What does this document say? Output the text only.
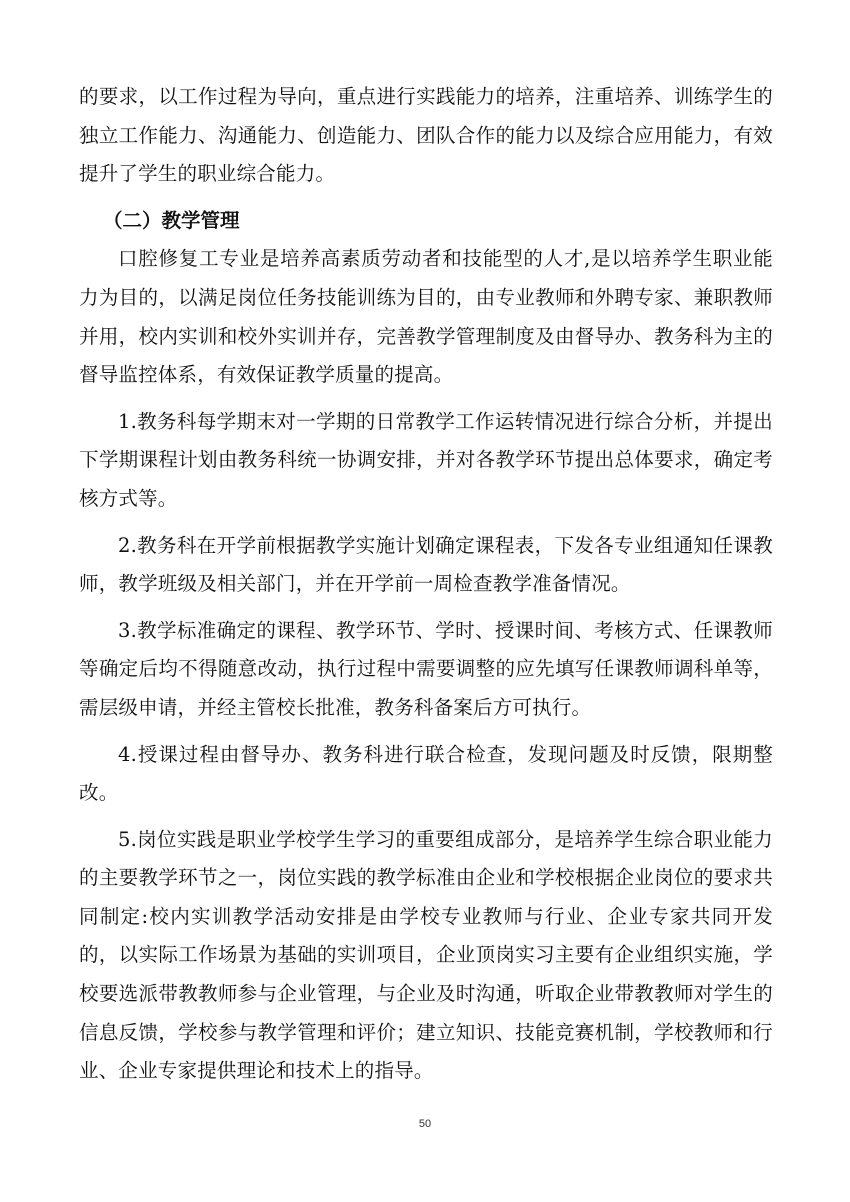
的要求，以工作过程为导向，重点进行实践能力的培养，注重培养、训练学生的独立工作能力、沟通能力、创造能力、团队合作的能力以及综合应用能力，有效提升了学生的职业综合能力。

（二）教学管理

口腔修复工专业是培养高素质劳动者和技能型的人才,是以培养学生职业能力为目的，以满足岗位任务技能训练为目的，由专业教师和外聘专家、兼职教师并用，校内实训和校外实训并存，完善教学管理制度及由督导办、教务科为主的督导监控体系，有效保证教学质量的提高。

1.教务科每学期末对一学期的日常教学工作运转情况进行综合分析，并提出下学期课程计划由教务科统一协调安排，并对各教学环节提出总体要求，确定考核方式等。

2.教务科在开学前根据教学实施计划确定课程表，下发各专业组通知任课教师，教学班级及相关部门，并在开学前一周检查教学准备情况。

3.教学标准确定的课程、教学环节、学时、授课时间、考核方式、任课教师等确定后均不得随意改动，执行过程中需要调整的应先填写任课教师调科单等，需层级申请，并经主管校长批准，教务科备案后方可执行。

4.授课过程由督导办、教务科进行联合检查，发现问题及时反馈，限期整改。

5.岗位实践是职业学校学生学习的重要组成部分，是培养学生综合职业能力的主要教学环节之一，岗位实践的教学标准由企业和学校根据企业岗位的要求共同制定:校内实训教学活动安排是由学校专业教师与行业、企业专家共同开发的，以实际工作场景为基础的实训项目，企业顶岗实习主要有企业组织实施，学校要选派带教教师参与企业管理，与企业及时沟通，听取企业带教教师对学生的信息反馈，学校参与教学管理和评价；建立知识、技能竞赛机制，学校教师和行业、企业专家提供理论和技术上的指导。

50
